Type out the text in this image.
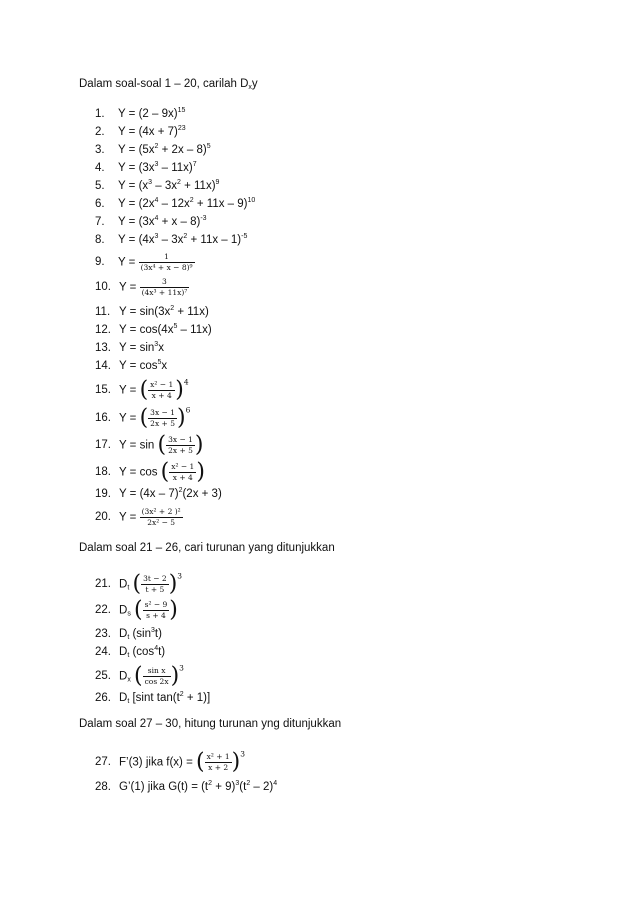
Dalam soal-soal 1 – 20, carilah $D_xy$
1.	Y = (2 – 9x)$^{15}$
2.	$Y = (4x + 7)^{23}$
3.	$Y = (5x^2 + 2x - 8)^5$
4.	$Y = (3x^3 - 11x)^7$
5.	$Y = (x^3 - 3x^2 + 11x)^9$
6.	$Y = (2x^4 - 12x^2 + 11x - 9)^{10}$
7.	$Y = (3x^4 + x - 8)^{-3}$
8.	$Y = (4x^3 - 3x^2 + 11x - 1)^{-5}$
9.	$Y = \frac{1}{\text{(3x⁴ + x − 8)⁹}}$
10. $Y = \frac{3}{\text{(4x³ + 11x)⁷}}$
11. $Y = \sin(3x^2 + 11x)$
12. $Y = \cos(4x^5 - 11x)$
13. $Y = \sin^3x$
14. $Y = \cos^5x$
15. Y = ( $\frac{\text{x² − 1}}{x + 4} )^4$
16. Y = ( $\frac{3x - 1}{2x + 5} )^6$
17. Y = sin ( $\frac{3x - 1}{2x + 5}$ )
18. Y = cos ( $\frac{\text{x² − 1}}{x + 4}$ )
19. Y = (4x – 7)$^2$(2x + 3)
20. $Y = \frac{\text{(3x² + 2 )²}}{\text{2x² − 5}}$
Dalam soal 21 – 26, cari turunan yang ditunjukkan
21. $D_t$ ( $\frac{3t - 2}{t + 5} )^3$
22. $D_s$ ( $\frac{\text{s² − 9}}{s + 4}$ )
23. $D_t$ $(\sin^3t)$
24. $D_t$ $(\cos^4t)$
25. $D_x$ ( $\frac{\text{sin x}}{\cos 2x} )^3$
26. $D_t$ [sint $\tan(t^2 + 1)$]
Dalam soal 27 – 30, hitung turunan yng ditunjukkan
27. F’(3) jika f(x) = ( $\frac{\text{x² + 1}}{x + 2} )^3$
28. G’(1) jika $G(t) = (t^2 + 9)^3(t^2 - 2)^4$
